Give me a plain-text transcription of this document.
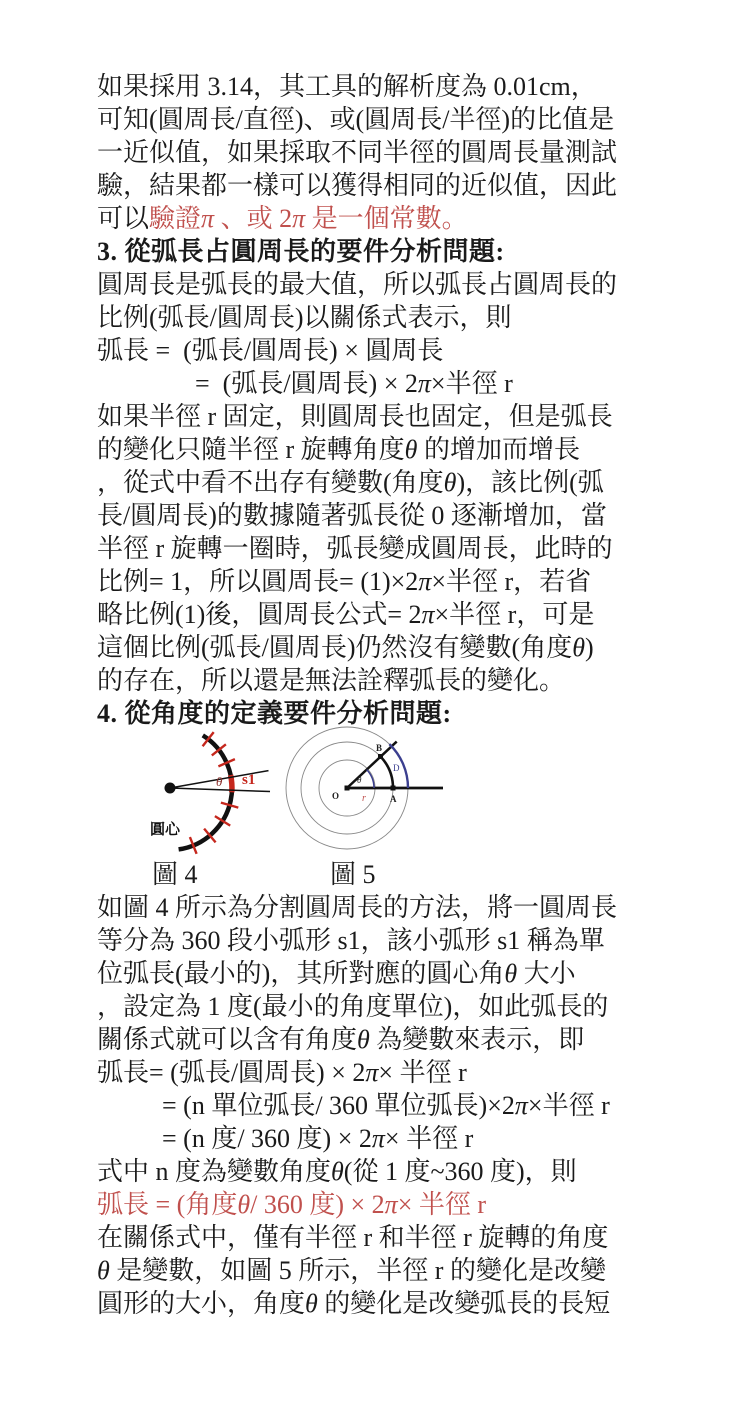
如果採用 3.14，其工具的解析度為 0.01cm，
可知(圓周長/直徑)、或(圓周長/半徑)的比值是
一近似值，如果採取不同半徑的圓周長量測試
驗，結果都一樣可以獲得相同的近似值，因此
可以驗證π 、或 2π 是一個常數。
3. 從弧長占圓周長的要件分析問題:
圓周長是弧長的最大值，所以弧長占圓周長的
比例(弧長/圓周長)以關係式表示，則
弧長 =  (弧長/圓周長) × 圓周長
=  (弧長/圓周長) × 2π×半徑 r
如果半徑 r 固定，則圓周長也固定，但是弧長
的變化只隨半徑 r 旋轉角度θ 的增加而增長
，從式中看不出存有變數(角度θ)，該比例(弧
長/圓周長)的數據隨著弧長從 0 逐漸增加，當
半徑 r 旋轉一圈時，弧長變成圓周長，此時的
比例= 1，所以圓周長= (1)×2π×半徑 r，若省
略比例(1)後，圓周長公式= 2π×半徑 r，可是
這個比例(弧長/圓周長)仍然沒有變數(角度θ)
的存在，所以還是無法詮釋弧長的變化。
4. 從角度的定義要件分析問題:
θ s1
圓心
O	A
B
r
θ
D
圖 4	圖 5
如圖 4 所示為分割圓周長的方法，將一圓周長
等分為 360 段小弧形 s1，該小弧形 s1 稱為單
位弧長(最小的)，其所對應的圓心角θ 大小
，設定為 1 度(最小的角度單位)，如此弧長的
關係式就可以含有角度θ 為變數來表示，即
弧長= (弧長/圓周長) × 2π× 半徑 r
= (n 單位弧長/ 360 單位弧長)×2π×半徑 r
= (n 度/ 360 度) × 2π× 半徑 r
式中 n 度為變數角度θ(從 1 度~360 度)，則
弧長 = (角度θ/ 360 度) × 2π× 半徑 r
在關係式中，僅有半徑 r 和半徑 r 旋轉的角度
θ 是變數，如圖 5 所示，半徑 r 的變化是改變
圓形的大小，角度θ 的變化是改變弧長的長短
